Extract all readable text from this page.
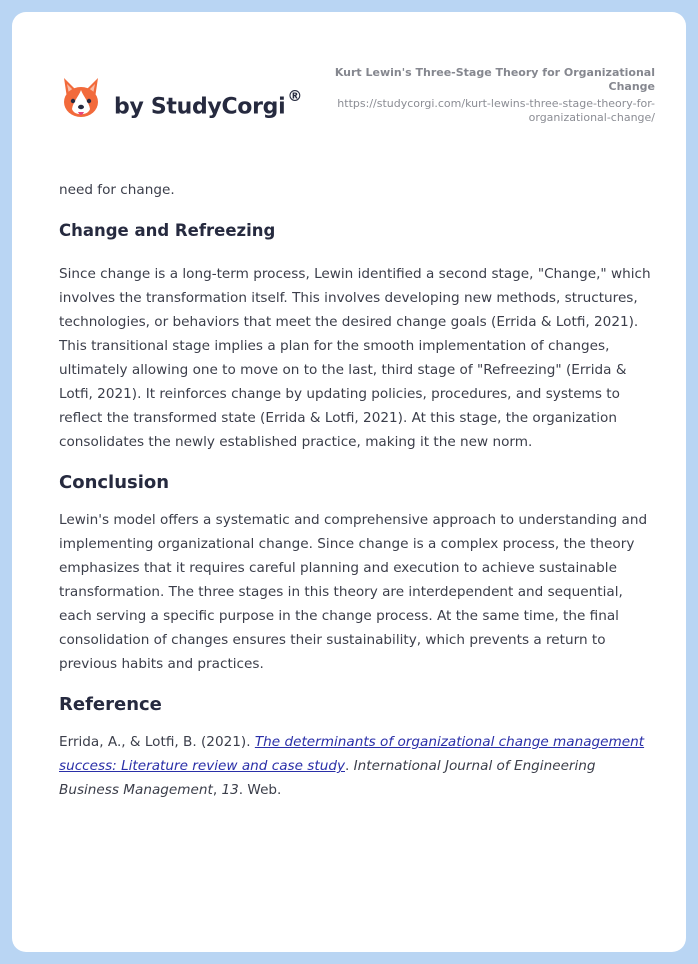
by StudyCorgi ®
Kurt Lewin's Three-Stage Theory for Organizational Change
https://studycorgi.com/kurt-lewins-three-stage-theory-for-organizational-change/

need for change.

Change and Refreezing

Since change is a long-term process, Lewin identified a second stage, "Change," which involves the transformation itself. This involves developing new methods, structures, technologies, or behaviors that meet the desired change goals (Errida & Lotfi, 2021). This transitional stage implies a plan for the smooth implementation of changes, ultimately allowing one to move on to the last, third stage of "Refreezing" (Errida & Lotfi, 2021). It reinforces change by updating policies, procedures, and systems to reflect the transformed state (Errida & Lotfi, 2021). At this stage, the organization consolidates the newly established practice, making it the new norm.

Conclusion

Lewin's model offers a systematic and comprehensive approach to understanding and implementing organizational change. Since change is a complex process, the theory emphasizes that it requires careful planning and execution to achieve sustainable transformation. The three stages in this theory are interdependent and sequential, each serving a specific purpose in the change process. At the same time, the final consolidation of changes ensures their sustainability, which prevents a return to previous habits and practices.

Reference

Errida, A., & Lotfi, B. (2021). The determinants of organizational change management success: Literature review and case study. International Journal of Engineering Business Management, 13. Web.
